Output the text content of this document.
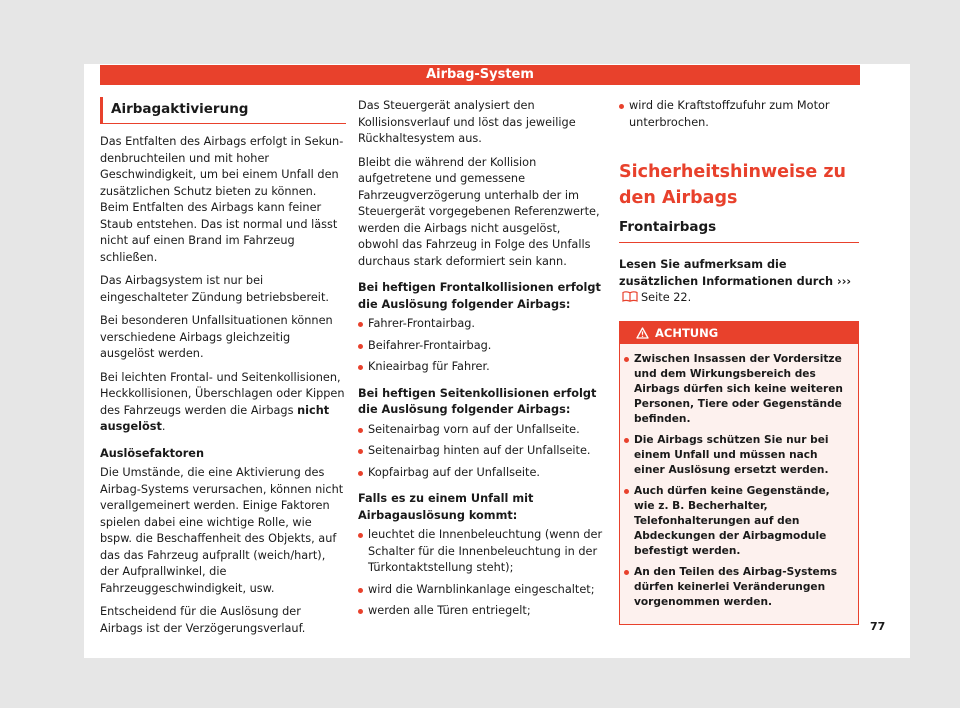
Airbag-System
Airbagaktivierung

Das Entfalten des Airbags erfolgt in Sekundenbruchteilen und mit hoher Geschwindigkeit, um bei einem Unfall den zusätzlichen Schutz bieten zu können. Beim Entfalten des Airbags kann feiner Staub entstehen. Das ist normal und lässt nicht auf einen Brand im Fahrzeug schließen.

Das Airbagsystem ist nur bei eingeschalteter Zündung betriebsbereit.

Bei besonderen Unfallsituationen können verschiedene Airbags gleichzeitig ausgelöst werden.

Bei leichten Frontal- und Seitenkollisionen, Heckkollisionen, Überschlagen oder Kippen des Fahrzeugs werden die Airbags nicht ausgelöst.

Auslösefaktoren

Die Umstände, die eine Aktivierung des Airbag-Systems verursachen, können nicht verallgemeinert werden. Einige Faktoren spielen dabei eine wichtige Rolle, wie bspw. die Beschaffenheit des Objekts, auf das das Fahrzeug aufprallt (weich/hart), der Aufprallwinkel, die Fahrzeuggeschwindigkeit, usw.

Entscheidend für die Auslösung der Airbags ist der Verzögerungsverlauf.

Das Steuergerät analysiert den Kollisionsverlauf und löst das jeweilige Rückhaltesystem aus.

Bleibt die während der Kollision aufgetretene und gemessene Fahrzeugverzögerung unterhalb der im Steuergerät vorgegebenen Referenzwerte, werden die Airbags nicht ausgelöst, obwohl das Fahrzeug in Folge des Unfalls durchaus stark deformiert sein kann.

Bei heftigen Frontalkollisionen erfolgt die Auslösung folgender Airbags:
Fahrer-Frontairbag.
Beifahrer-Frontairbag.
Knieairbag für Fahrer.
Bei heftigen Seitenkollisionen erfolgt die Auslösung folgender Airbags:
Seitenairbag vorn auf der Unfallseite.
Seitenairbag hinten auf der Unfallseite.
Kopfairbag auf der Unfallseite.
Falls es zu einem Unfall mit Airbagauslösung kommt:
leuchtet die Innenbeleuchtung (wenn der Schalter für die Innenbeleuchtung in der Türkontaktstellung steht);
wird die Warnblinkanlage eingeschaltet;
werden alle Türen entriegelt;
wird die Kraftstoffzufuhr zum Motor unterbrochen.
Sicherheitshinweise zu den Airbags
Frontairbags
Lesen Sie aufmerksam die zusätzlichen Informationen durch ››› Seite 22.
ACHTUNG
Zwischen Insassen der Vordersitze und dem Wirkungsbereich des Airbags dürfen sich keine weiteren Personen, Tiere oder Gegenstände befinden.
Die Airbags schützen Sie nur bei einem Unfall und müssen nach einer Auslösung ersetzt werden.
Auch dürfen keine Gegenstände, wie z. B. Becherhalter, Telefonhalterungen auf den Abdeckungen der Airbagmodule befestigt werden.
An den Teilen des Airbag-Systems dürfen keinerlei Veränderungen vorgenommen werden.
77
